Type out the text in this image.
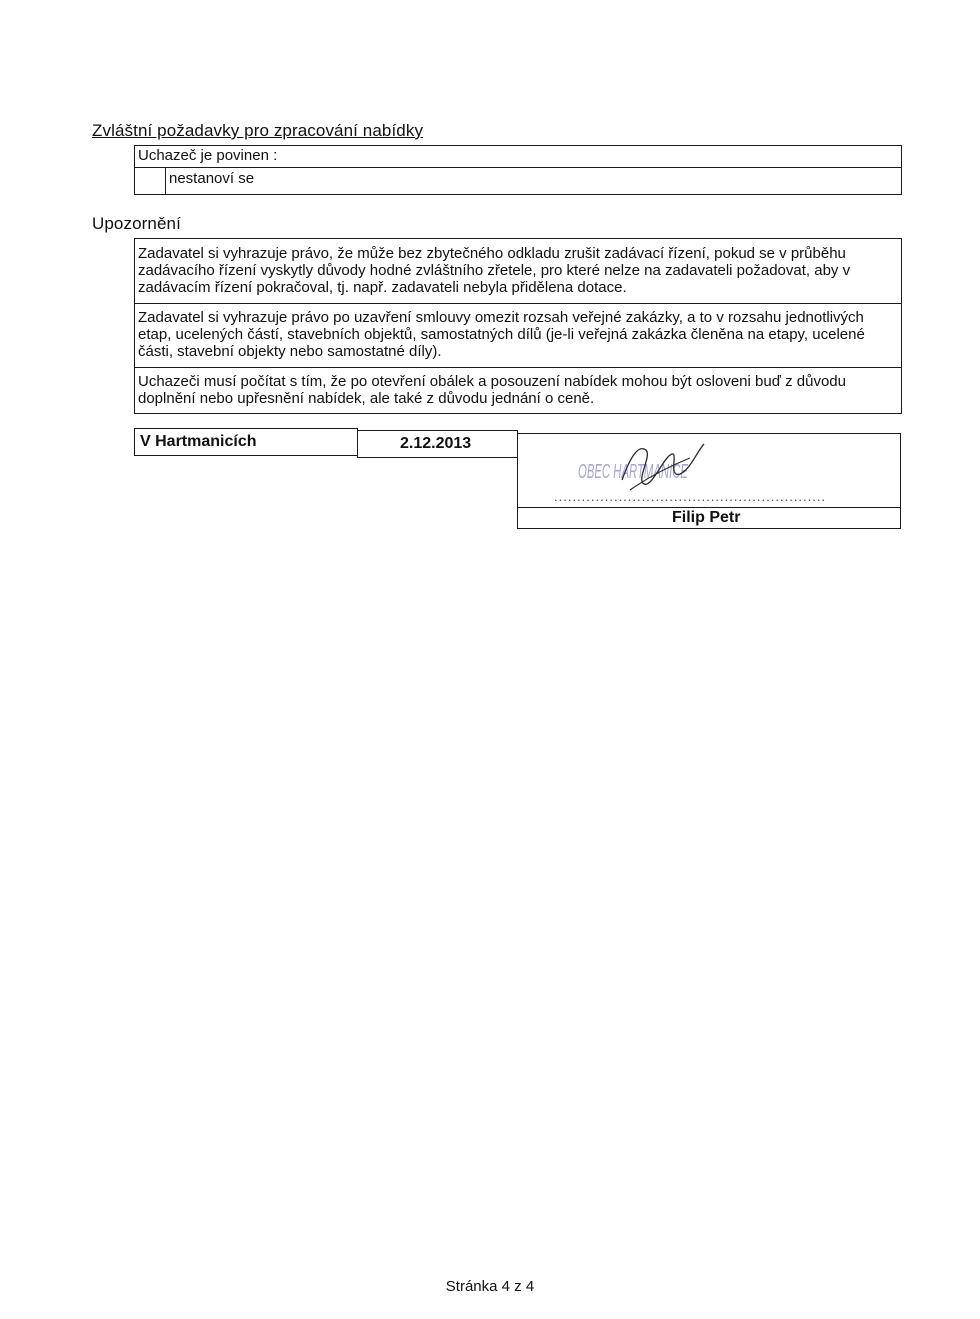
Zvláštní požadavky pro zpracování nabídky
Uchazeč je povinen :
nestanoví se
Upozornění
Zadavatel si vyhrazuje právo, že může bez zbytečného odkladu zrušit zadávací řízení, pokud se v průběhu
zadávacího řízení vyskytly důvody hodné zvláštního zřetele, pro které nelze na zadavateli požadovat, aby v
zadávacím řízení pokračoval, tj. např. zadavateli nebyla přidělena dotace.
Zadavatel si vyhrazuje právo po uzavření smlouvy omezit rozsah veřejné zakázky, a to v rozsahu jednotlivých
etap, ucelených částí, stavebních objektů, samostatných dílů (je-li veřejná zakázka členěna na etapy, ucelené
části, stavební objekty nebo samostatné díly).
Uchazeči musí počítat s tím, že po otevření obálek a posouzení nabídek mohou být osloveni buď z důvodu
doplnění nebo upřesnění nabídek, ale také z důvodu jednání o ceně.
V Hartmanicích	2.12.2013
OBEC HARTMANICE
...........................................................
Filip Petr
Stránka 4 z 4
